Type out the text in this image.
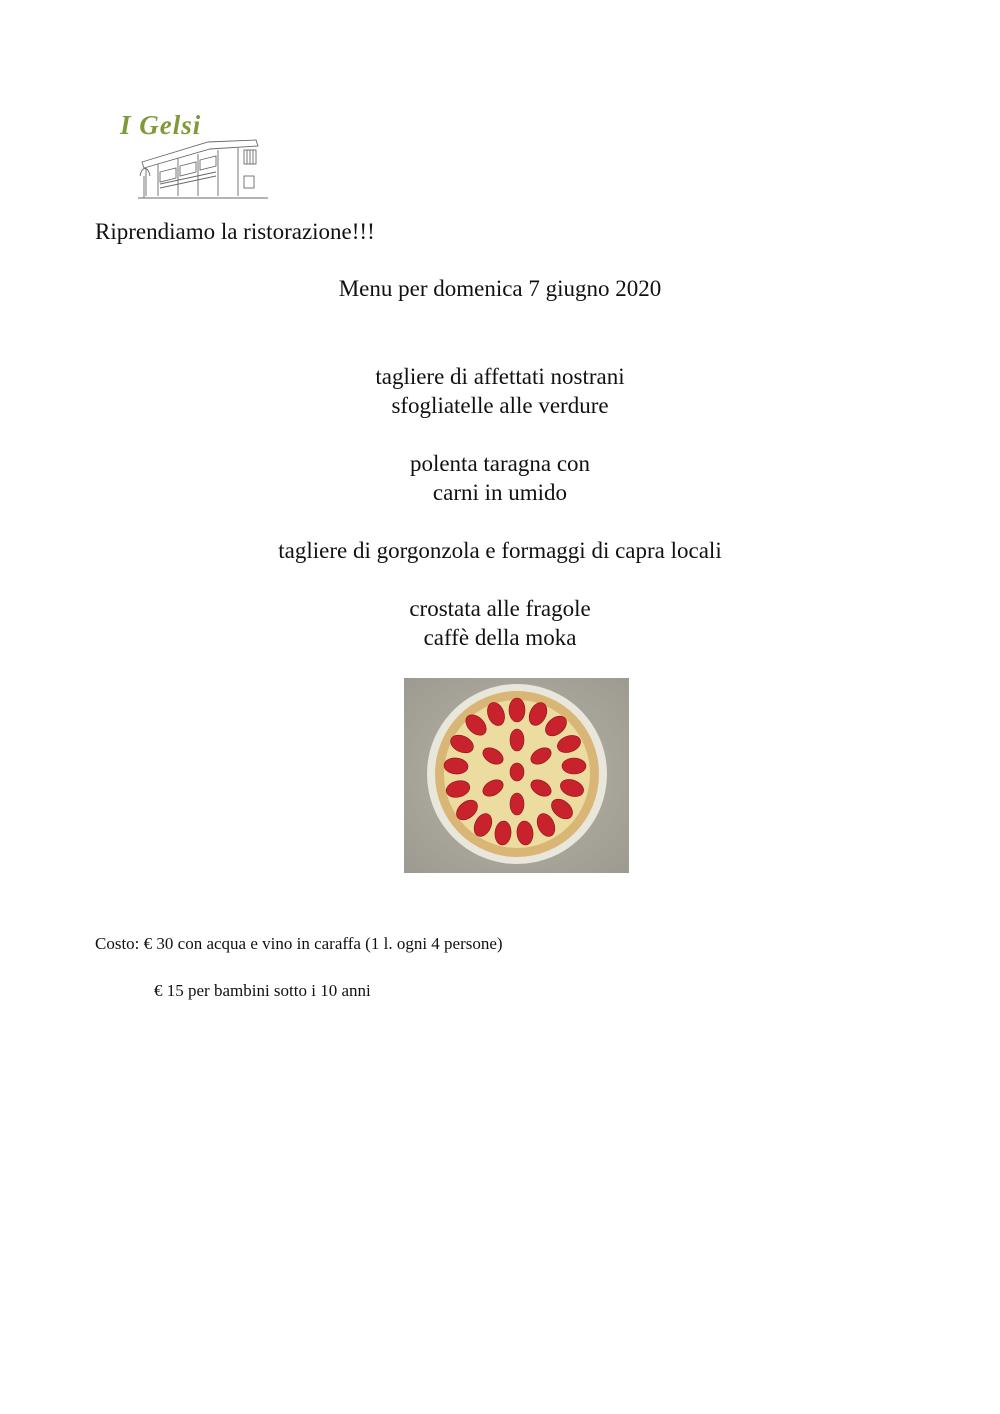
I Gelsi
Riprendiamo la ristorazione!!!
Menu per domenica 7 giugno 2020
tagliere di affettati nostrani
sfogliatelle alle verdure
polenta taragna con
carni in umido
tagliere di gorgonzola e formaggi di capra locali
crostata alle fragole
caffè della moka
Costo: € 30 con acqua e vino in caraffa (1 l. ogni 4 persone)
€ 15 per bambini sotto i 10 anni
